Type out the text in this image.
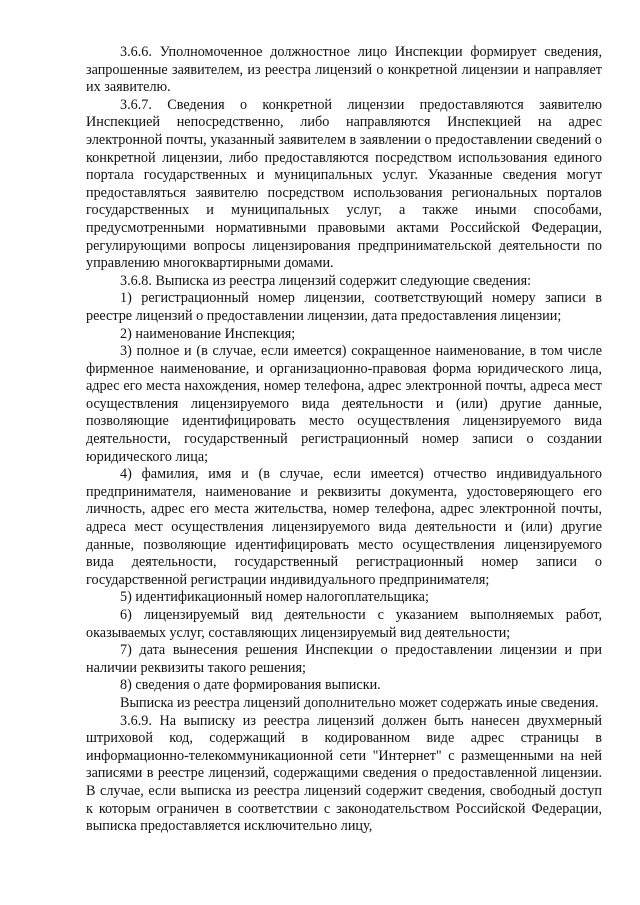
3.6.6. Уполномоченное должностное лицо Инспекции формирует сведения, запрошенные заявителем, из реестра лицензий о конкретной лицензии и направляет их заявителю.

3.6.7. Сведения о конкретной лицензии предоставляются заявителю Инспекцией непосредственно, либо направляются Инспекцией на адрес электронной почты, указанный заявителем в заявлении о предоставлении сведений о конкретной лицензии, либо предоставляются посредством использования единого портала государственных и муниципальных услуг. Указанные сведения могут предоставляться заявителю посредством использования региональных порталов государственных и муниципальных услуг, а также иными способами, предусмотренными нормативными правовыми актами Российской Федерации, регулирующими вопросы лицензирования предпринимательской деятельности по управлению многоквартирными домами.

3.6.8. Выписка из реестра лицензий содержит следующие сведения:

1) регистрационный номер лицензии, соответствующий номеру записи в реестре лицензий о предоставлении лицензии, дата предоставления лицензии;

2) наименование Инспекция;

3) полное и (в случае, если имеется) сокращенное наименование, в том числе фирменное наименование, и организационно-правовая форма юридического лица, адрес его места нахождения, номер телефона, адрес электронной почты, адреса мест осуществления лицензируемого вида деятельности и (или) другие данные, позволяющие идентифицировать место осуществления лицензируемого вида деятельности, государственный регистрационный номер записи о создании юридического лица;

4) фамилия, имя и (в случае, если имеется) отчество индивидуального предпринимателя, наименование и реквизиты документа, удостоверяющего его личность, адрес его места жительства, номер телефона, адрес электронной почты, адреса мест осуществления лицензируемого вида деятельности и (или) другие данные, позволяющие идентифицировать место осуществления лицензируемого вида деятельности, государственный регистрационный номер записи о государственной регистрации индивидуального предпринимателя;

5) идентификационный номер налогоплательщика;

6) лицензируемый вид деятельности с указанием выполняемых работ, оказываемых услуг, составляющих лицензируемый вид деятельности;

7) дата вынесения решения Инспекции о предоставлении лицензии и при наличии реквизиты такого решения;

8) сведения о дате формирования выписки.

Выписка из реестра лицензий дополнительно может содержать иные сведения.

3.6.9. На выписку из реестра лицензий должен быть нанесен двухмерный штриховой код, содержащий в кодированном виде адрес страницы в информационно-телекоммуникационной сети "Интернет" с размещенными на ней записями в реестре лицензий, содержащими сведения о предоставленной лицензии. В случае, если выписка из реестра лицензий содержит сведения, свободный доступ к которым ограничен в соответствии с законодательством Российской Федерации, выписка предоставляется исключительно лицу,
